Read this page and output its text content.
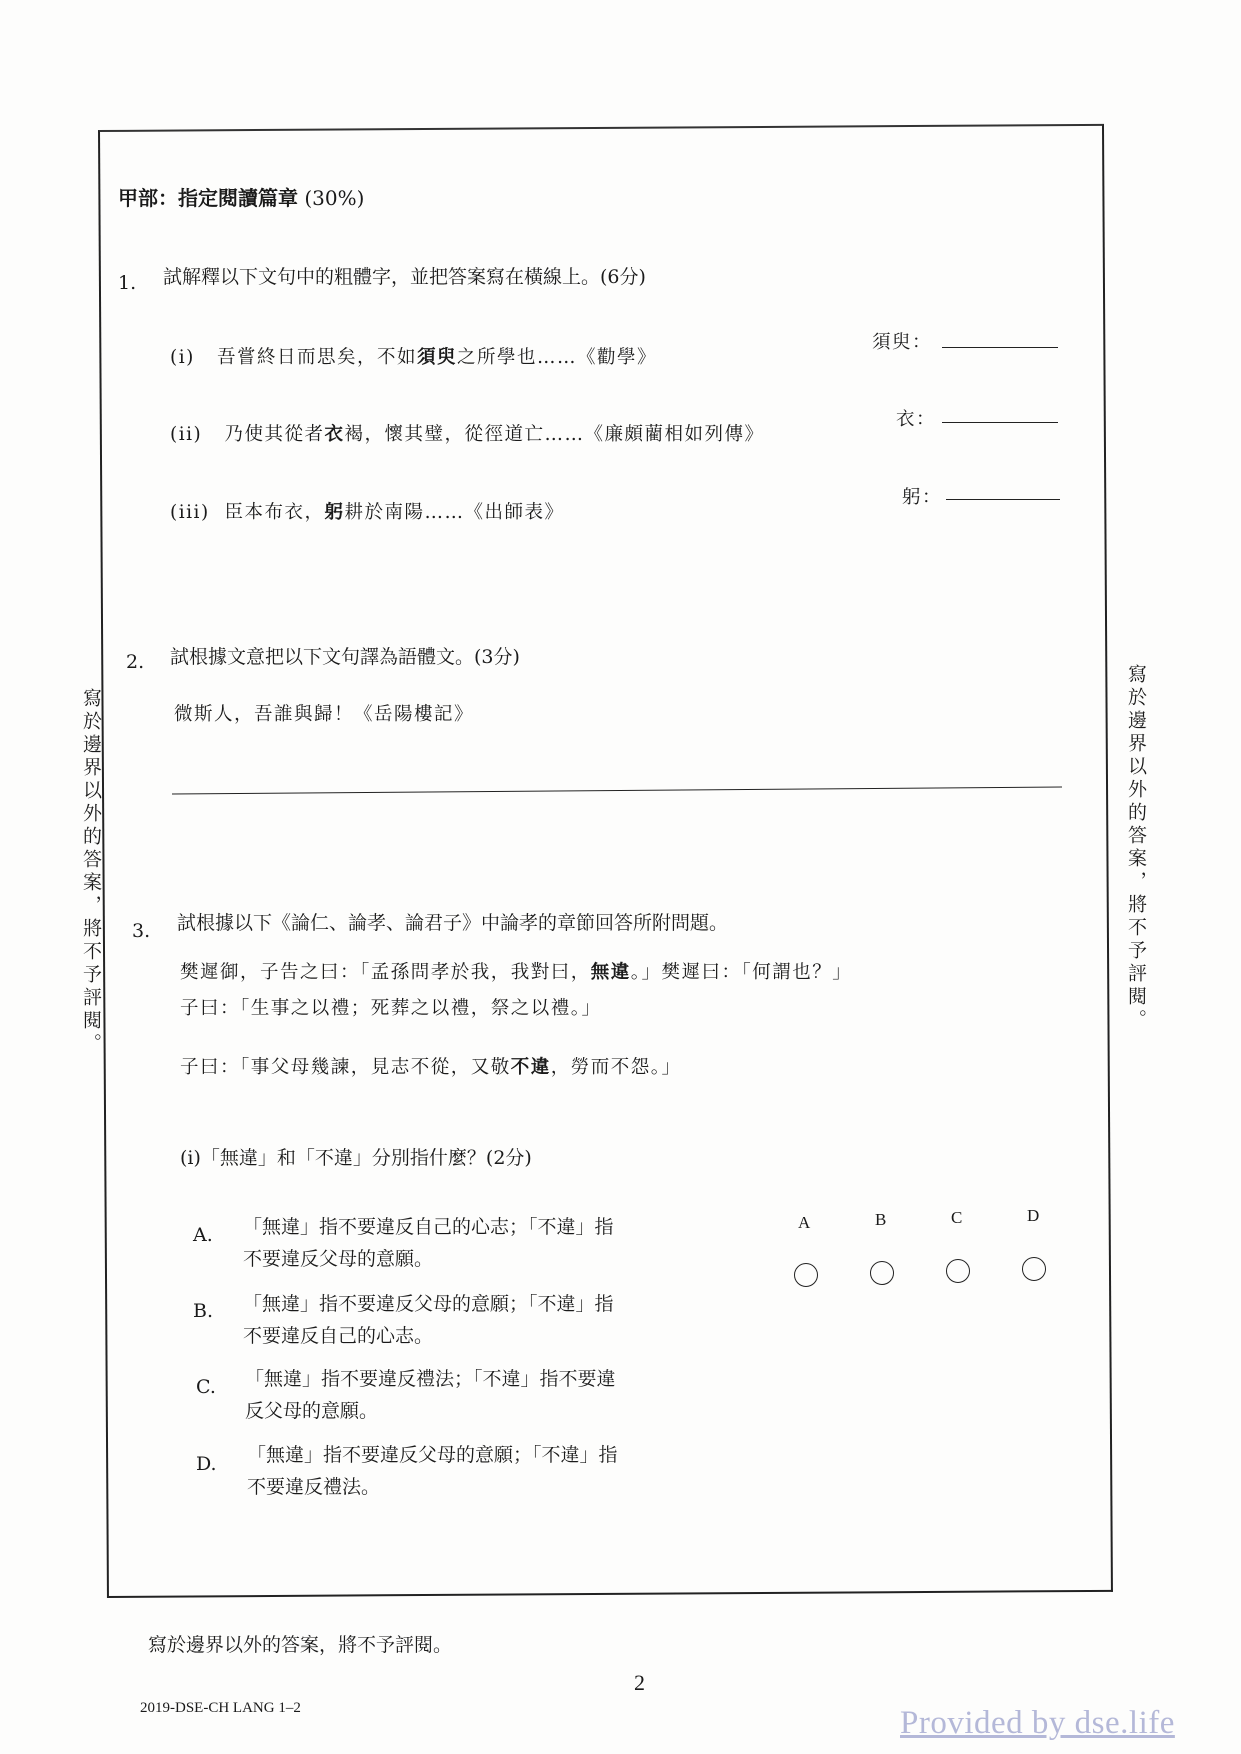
甲部：指定閱讀篇章 (30%)
1. 試解釋以下文句中的粗體字，並把答案寫在橫線上。(6分)
(i) 吾嘗終日而思矣，不如須臾之所學也……《勸學》
須臾：
(ii) 乃使其從者衣褐，懷其璧，從徑道亡……《廉頗藺相如列傳》
衣：
(iii) 臣本布衣，躬耕於南陽……《出師表》
躬：
2. 試根據文意把以下文句譯為語體文。(3分)
微斯人，吾誰與歸！《岳陽樓記》
3. 試根據以下《論仁、論孝、論君子》中論孝的章節回答所附問題。
樊遲御，子告之曰：「孟孫問孝於我，我對曰，無違。」樊遲曰：「何謂也？」
子曰：「生事之以禮；死葬之以禮，祭之以禮。」
子曰：「事父母幾諫，見志不從，又敬不違，勞而不怨。」
(i)「無違」和「不違」分別指什麼？(2分)
A. 「無違」指不要違反自己的心志；「不違」指
不要違反父母的意願。
B. 「無違」指不要違反父母的意願；「不違」指
不要違反自己的心志。
C. 「無違」指不要違反禮法；「不違」指不要違
反父母的意願。
D. 「無違」指不要違反父母的意願；「不違」指
不要違反禮法。
A	B	C	D
寫於邊界以外的答案，將不予評閱。	寫於邊界以外的答案，將不予評閱。
寫於邊界以外的答案，將不予評閱。
2019-DSE-CH LANG 1–2
2
Provided by dse.life
